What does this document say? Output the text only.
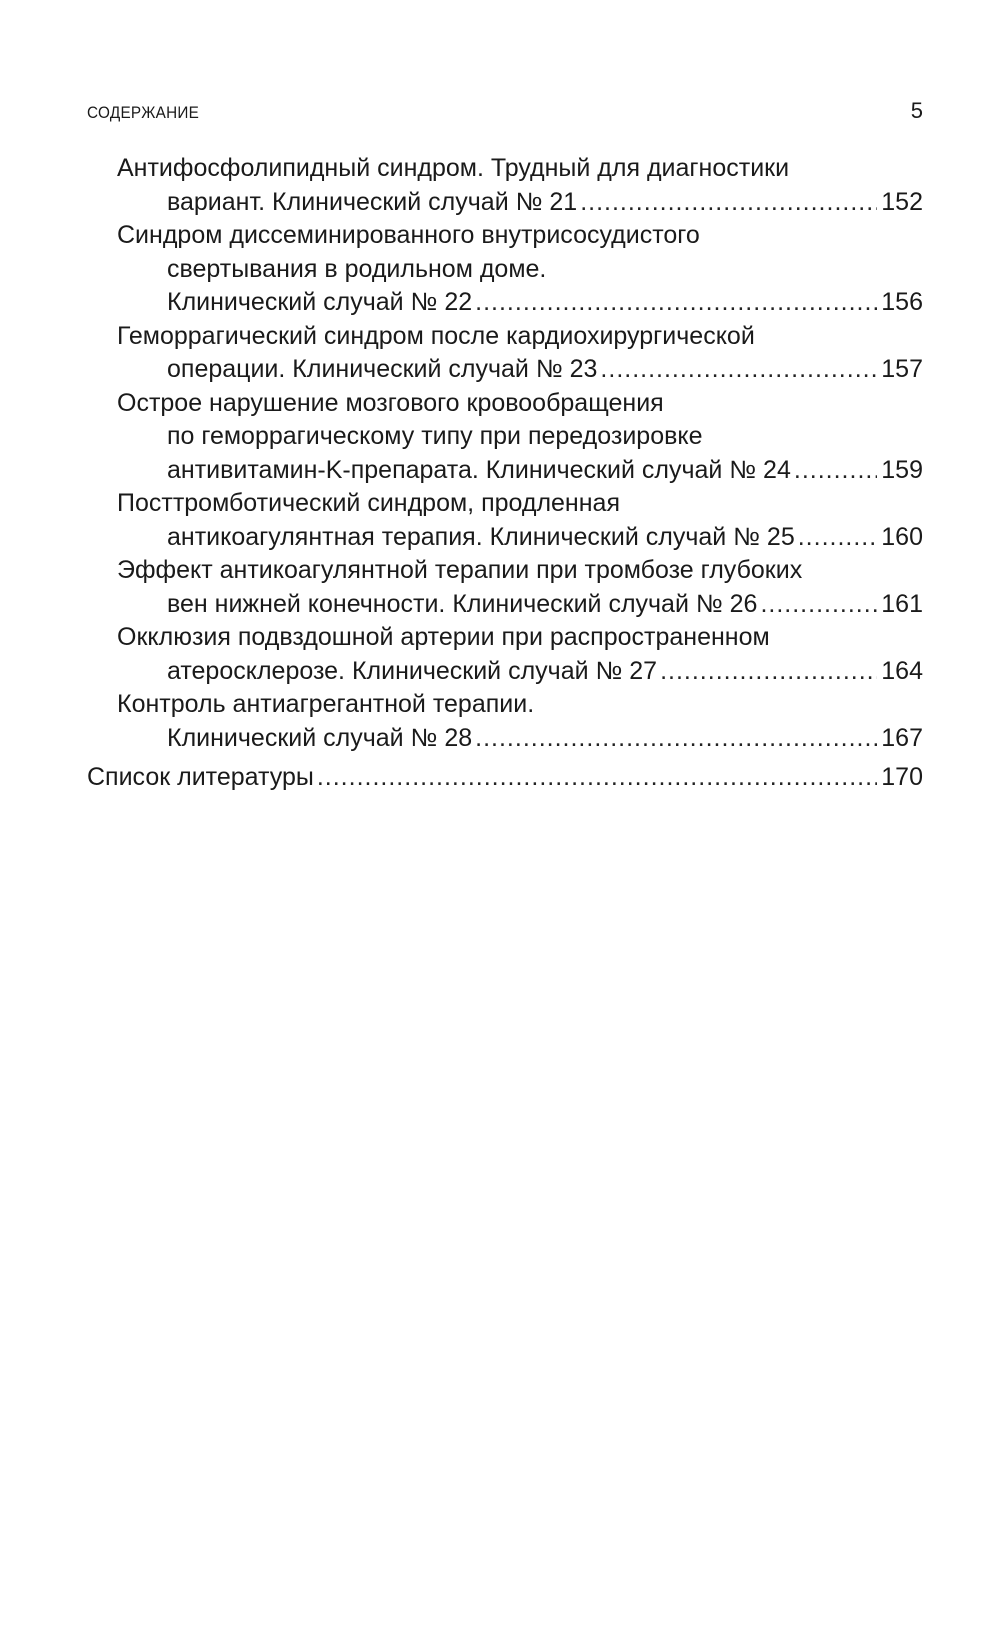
СОДЕРЖАНИЕ	5
Антифосфолипидный синдром. Трудный для диагностики
вариант. Клинический случай № 21 .....	152
Синдром диссеминированного внутрисосудистого
свертывания в родильном доме.
Клинический случай № 22 .....	156
Геморрагический синдром после кардиохирургической
операции. Клинический случай № 23 .....	157
Острое нарушение мозгового кровообращения
по геморрагическому типу при передозировке
антивитамин-K-препарата. Клинический случай № 24 .....	159
Посттромботический синдром, продленная
антикоагулянтная терапия. Клинический случай № 25 .....	160
Эффект антикоагулянтной терапии при тромбозе глубоких
вен нижней конечности. Клинический случай № 26 .....	161
Окклюзия подвздошной артерии при распространенном
атеросклерозе. Клинический случай № 27 .....	164
Контроль антиагрегантной терапии.
Клинический случай № 28 .....	167
Список литературы .....	170
